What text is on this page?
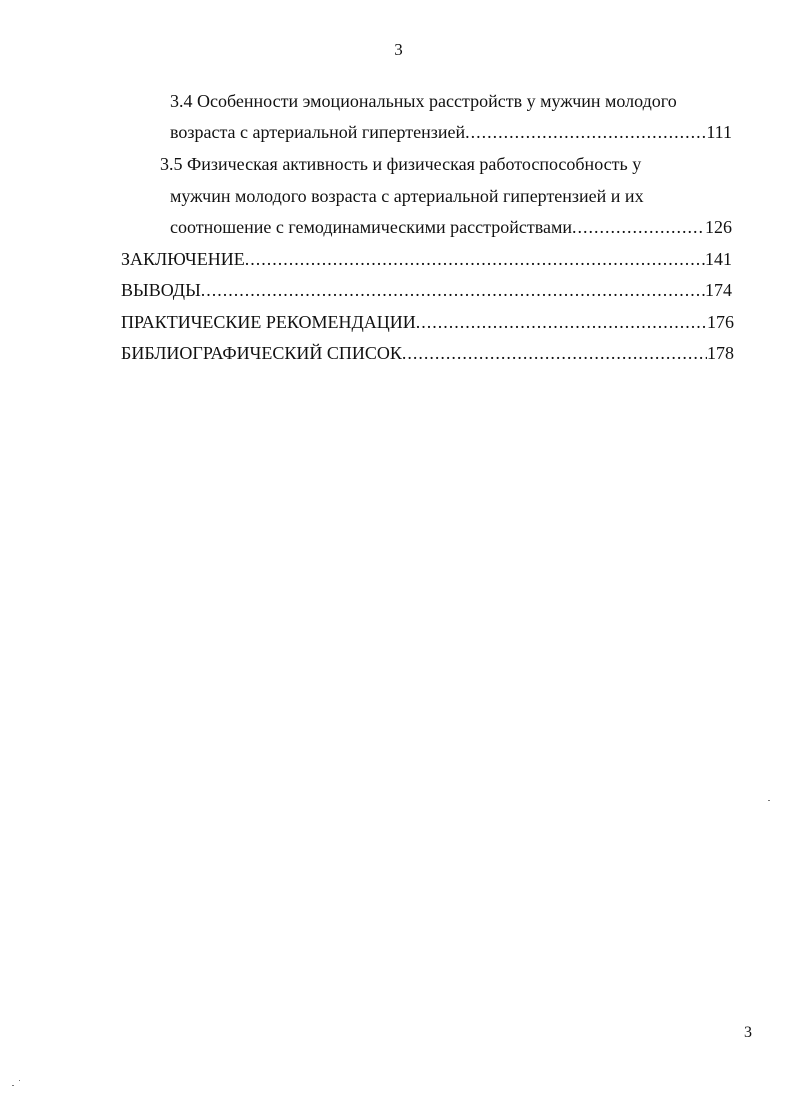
3
3.4 Особенности эмоциональных расстройств у мужчин молодого
возраста с артериальной гипертензией .....	111
3.5 Физическая активность и физическая работоспособность у
мужчин молодого возраста с артериальной гипертензией и их
соотношение с гемодинамическими расстройствами .....	126
ЗАКЛЮЧЕНИЕ .....	141
ВЫВОДЫ .....	174
ПРАКТИЧЕСКИЕ РЕКОМЕНДАЦИИ .....	176
БИБЛИОГРАФИЧЕСКИЙ СПИСОК .....	178
3
